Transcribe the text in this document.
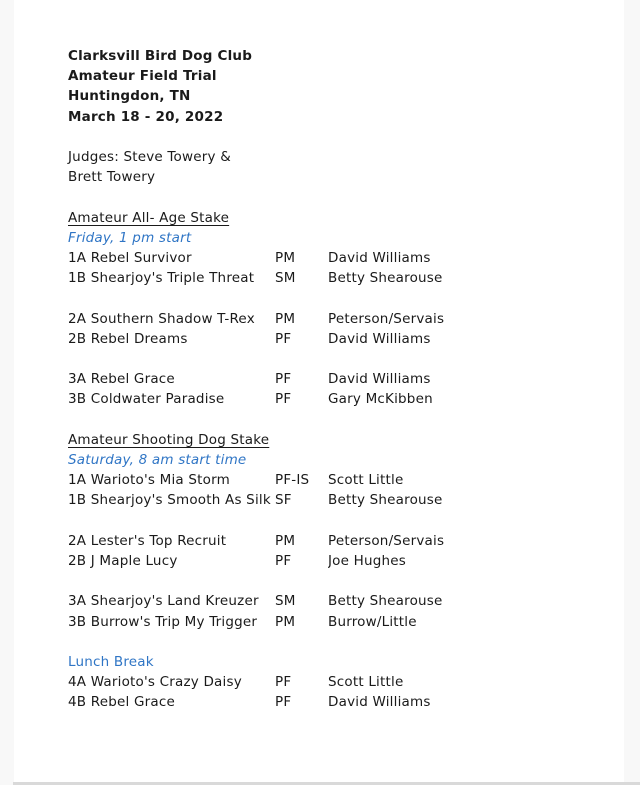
Clarksvill Bird Dog Club
Amateur Field Trial
Huntingdon, TN
March 18 - 20, 2022
Judges: Steve Towery &
Brett Towery
Amateur All- Age Stake
Friday, 1 pm start
1A Rebel Survivor	PM	David Williams
1B Shearjoy's Triple Threat	SM	Betty Shearouse
2A Southern Shadow T-Rex	PM	Peterson/Servais
2B Rebel Dreams	PF	David Williams
3A Rebel Grace	PF	David Williams
3B Coldwater Paradise	PF	Gary McKibben
Amateur Shooting Dog Stake
Saturday, 8 am start time
1A Warioto's Mia Storm	PF-IS	Scott Little
1B Shearjoy's Smooth As Silk SF	Betty Shearouse
2A Lester's Top Recruit	PM	Peterson/Servais
2B J Maple Lucy	PF	Joe Hughes
3A Shearjoy's Land Kreuzer	SM	Betty Shearouse
3B Burrow's Trip My Trigger	PM	Burrow/Little
Lunch Break
4A Warioto's Crazy Daisy	PF	Scott Little
4B Rebel Grace	PF	David Williams
